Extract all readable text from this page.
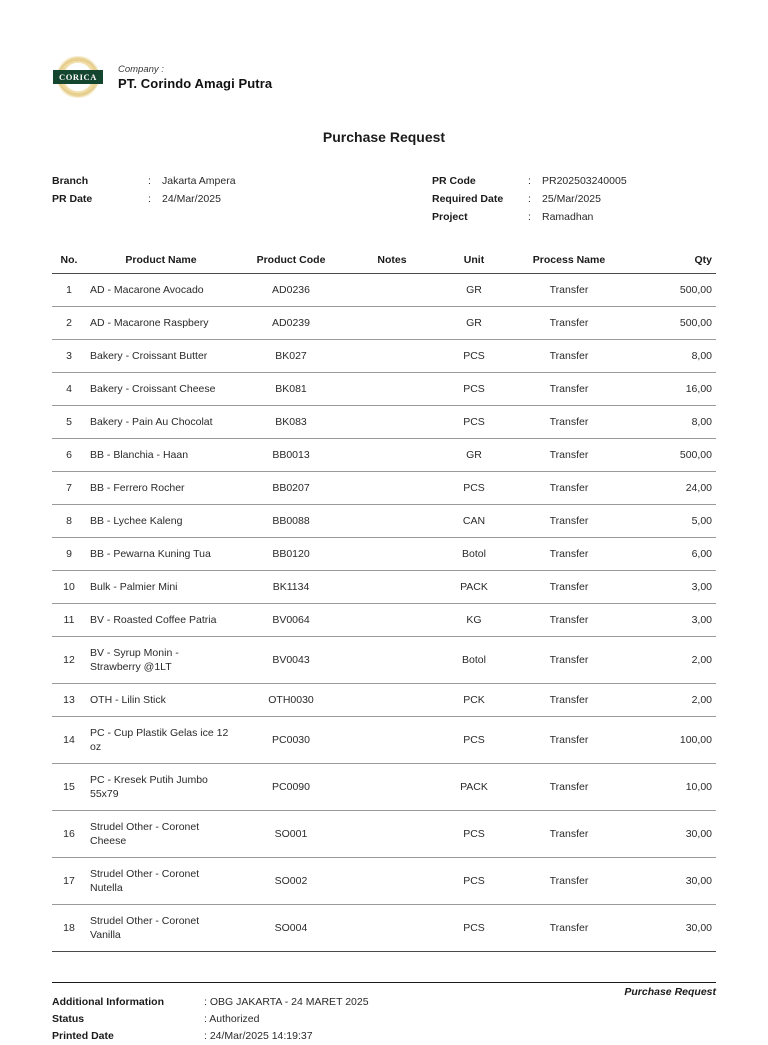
CORICA
Company :
PT. Corindo Amagi Putra
Purchase Request
Branch	:	Jakarta Ampera
PR Date	:	24/Mar/2025
PR Code	:	PR202503240005
Required Date	:	25/Mar/2025
Project	:	Ramadhan
No.	Product Name	Product Code	Notes	Unit	Process Name	Qty
1	AD - Macarone Avocado	AD0236		GR	Transfer	500,00
2	AD - Macarone Raspbery	AD0239		GR	Transfer	500,00
3	Bakery - Croissant Butter	BK027		PCS	Transfer	8,00
4	Bakery - Croissant Cheese	BK081		PCS	Transfer	16,00
5	Bakery - Pain Au Chocolat	BK083		PCS	Transfer	8,00
6	BB - Blanchia - Haan	BB0013		GR	Transfer	500,00
7	BB - Ferrero Rocher	BB0207		PCS	Transfer	24,00
8	BB - Lychee Kaleng	BB0088		CAN	Transfer	5,00
9	BB - Pewarna Kuning Tua	BB0120		Botol	Transfer	6,00
10	Bulk - Palmier Mini	BK1134		PACK	Transfer	3,00
11	BV - Roasted Coffee Patria	BV0064		KG	Transfer	3,00
12	BV - Syrup Monin - Strawberry @1LT	BV0043		Botol	Transfer	2,00
13	OTH - Lilin Stick	OTH0030		PCK	Transfer	2,00
14	PC - Cup Plastik Gelas ice 12 oz	PC0030		PCS	Transfer	100,00
15	PC - Kresek Putih Jumbo 55x79	PC0090		PACK	Transfer	10,00
16	Strudel Other - Coronet Cheese	SO001		PCS	Transfer	30,00
17	Strudel Other - Coronet Nutella	SO002		PCS	Transfer	30,00
18	Strudel Other - Coronet Vanilla	SO004		PCS	Transfer	30,00
Additional Information	: OBG JAKARTA - 24 MARET 2025
Status	: Authorized
Printed Date	: 24/Mar/2025 14:19:37
Purchase Request
